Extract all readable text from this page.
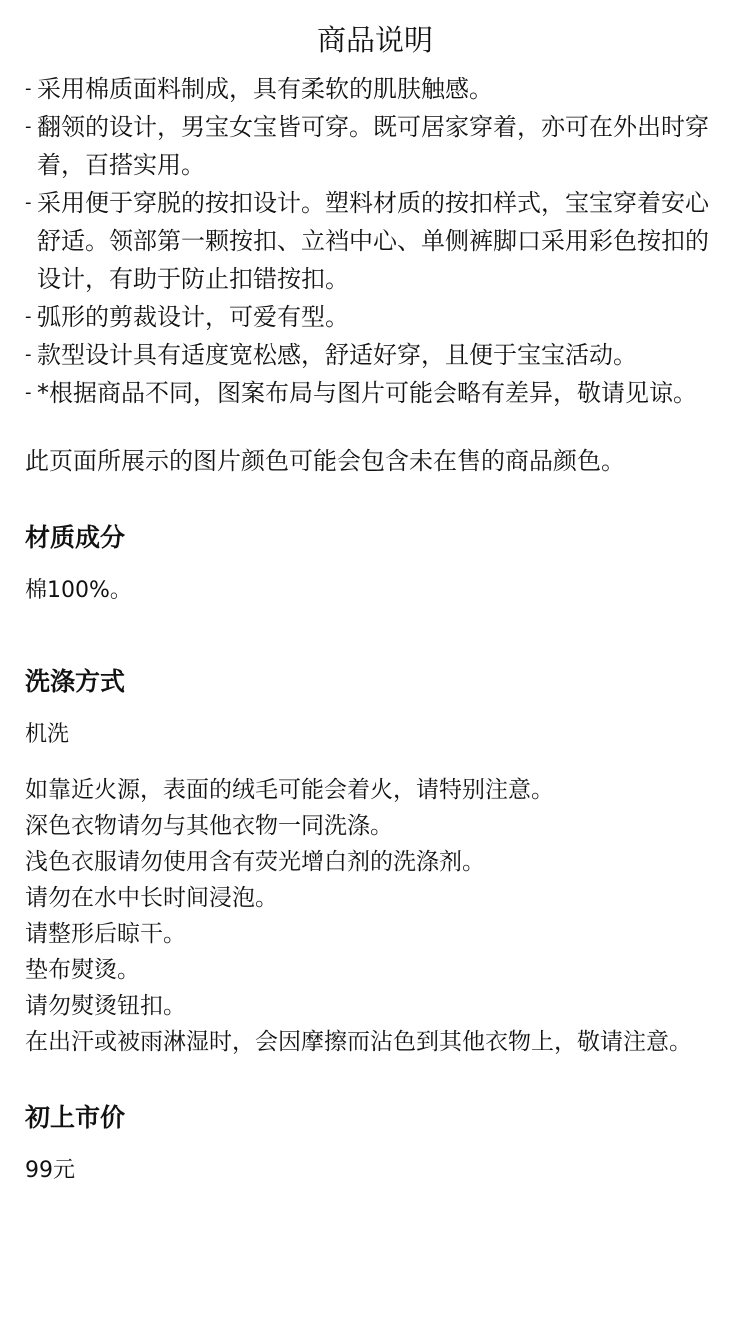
商品说明
- 采用棉质面料制成，具有柔软的肌肤触感。
- 翻领的设计，男宝女宝皆可穿。既可居家穿着，亦可在外出时穿着，百搭实用。
- 采用便于穿脱的按扣设计。塑料材质的按扣样式，宝宝穿着安心舒适。领部第一颗按扣、立裆中心、单侧裤脚口采用彩色按扣的设计，有助于防止扣错按扣。
- 弧形的剪裁设计，可爱有型。
- 款型设计具有适度宽松感，舒适好穿，且便于宝宝活动。
- *根据商品不同，图案布局与图片可能会略有差异，敬请见谅。

此页面所展示的图片颜色可能会包含未在售的商品颜色。

材质成分

棉100%。

洗涤方式

机洗

如靠近火源，表面的绒毛可能会着火，请特别注意。
深色衣物请勿与其他衣物一同洗涤。
浅色衣服请勿使用含有荧光增白剂的洗涤剂。
请勿在水中长时间浸泡。
请整形后晾干。
垫布熨烫。
请勿熨烫钮扣。
在出汗或被雨淋湿时，会因摩擦而沾色到其他衣物上，敬请注意。
初上市价

99元
